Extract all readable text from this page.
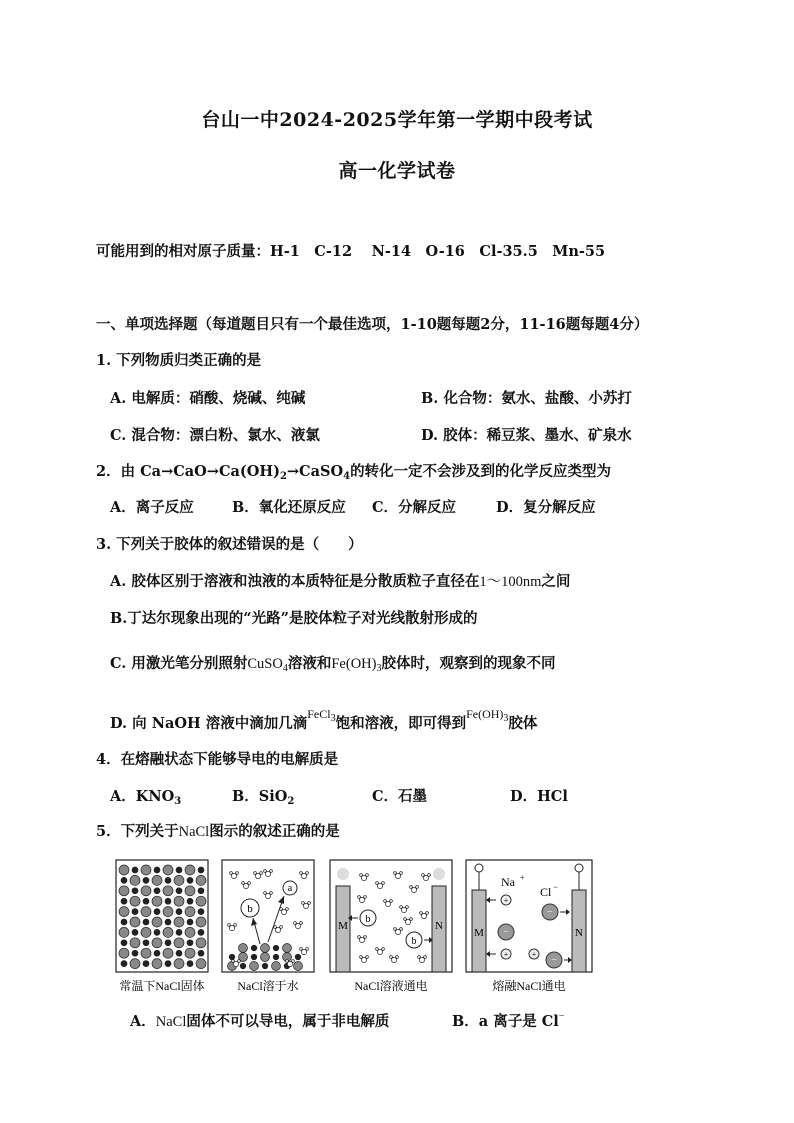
台山一中2024-2025学年第一学期中段考试
高一化学试卷
可能用到的相对原子质量：H-1　C-12　 N-14　O-16　Cl-35.5　Mn-55
一、单项选择题（每道题目只有一个最佳选项，1-10题每题2分，11-16题每题4分）
1. 下列物质归类正确的是
A. 电解质：硝酸、烧碱、纯碱	B. 化合物：氨水、盐酸、小苏打
C. 混合物：漂白粉、氯水、液氯	D. 胶体：稀豆浆、墨水、矿泉水
2．由 $Ca\to CaO\to Ca(OH)_2\to CaSO_4$的转化一定不会涉及到的化学反应类型为
A．离子反应	B．氧化还原反应 C．分解反应	D．复分解反应
3. 下列关于胶体的叙述错误的是（　　）
A. 胶体区别于溶液和浊液的本质特征是分散质粒子直径在1～100nm之间
B.丁达尔现象出现的“光路”是胶体粒子对光线散射形成的
C. 用激光笔分别照射CuSO$_4$溶液和$Fe(OH)_3$胶体时，观察到的现象不同
D. 向 NaOH 溶液中滴加几滴$^{FeCl_3}$饱和溶液，即可得到$^{Fe(OH)_3}$胶体
4．在熔融状态下能够导电的电解质是
A．$KNO_3$	B．SiO$_2$	C．石墨	D．HCl
5．下列关于NaCl图示的叙述正确的是
b
a
M	N
b
b
M	N
Na +
Cl −
+
−
−
+	+
−
常温下NaCl固体	NaCl溶于水	NaCl溶液通电	熔融NaCl通电
A．NaCl固体不可以导电，属于非电解质	B．a 离子是 Cl−
